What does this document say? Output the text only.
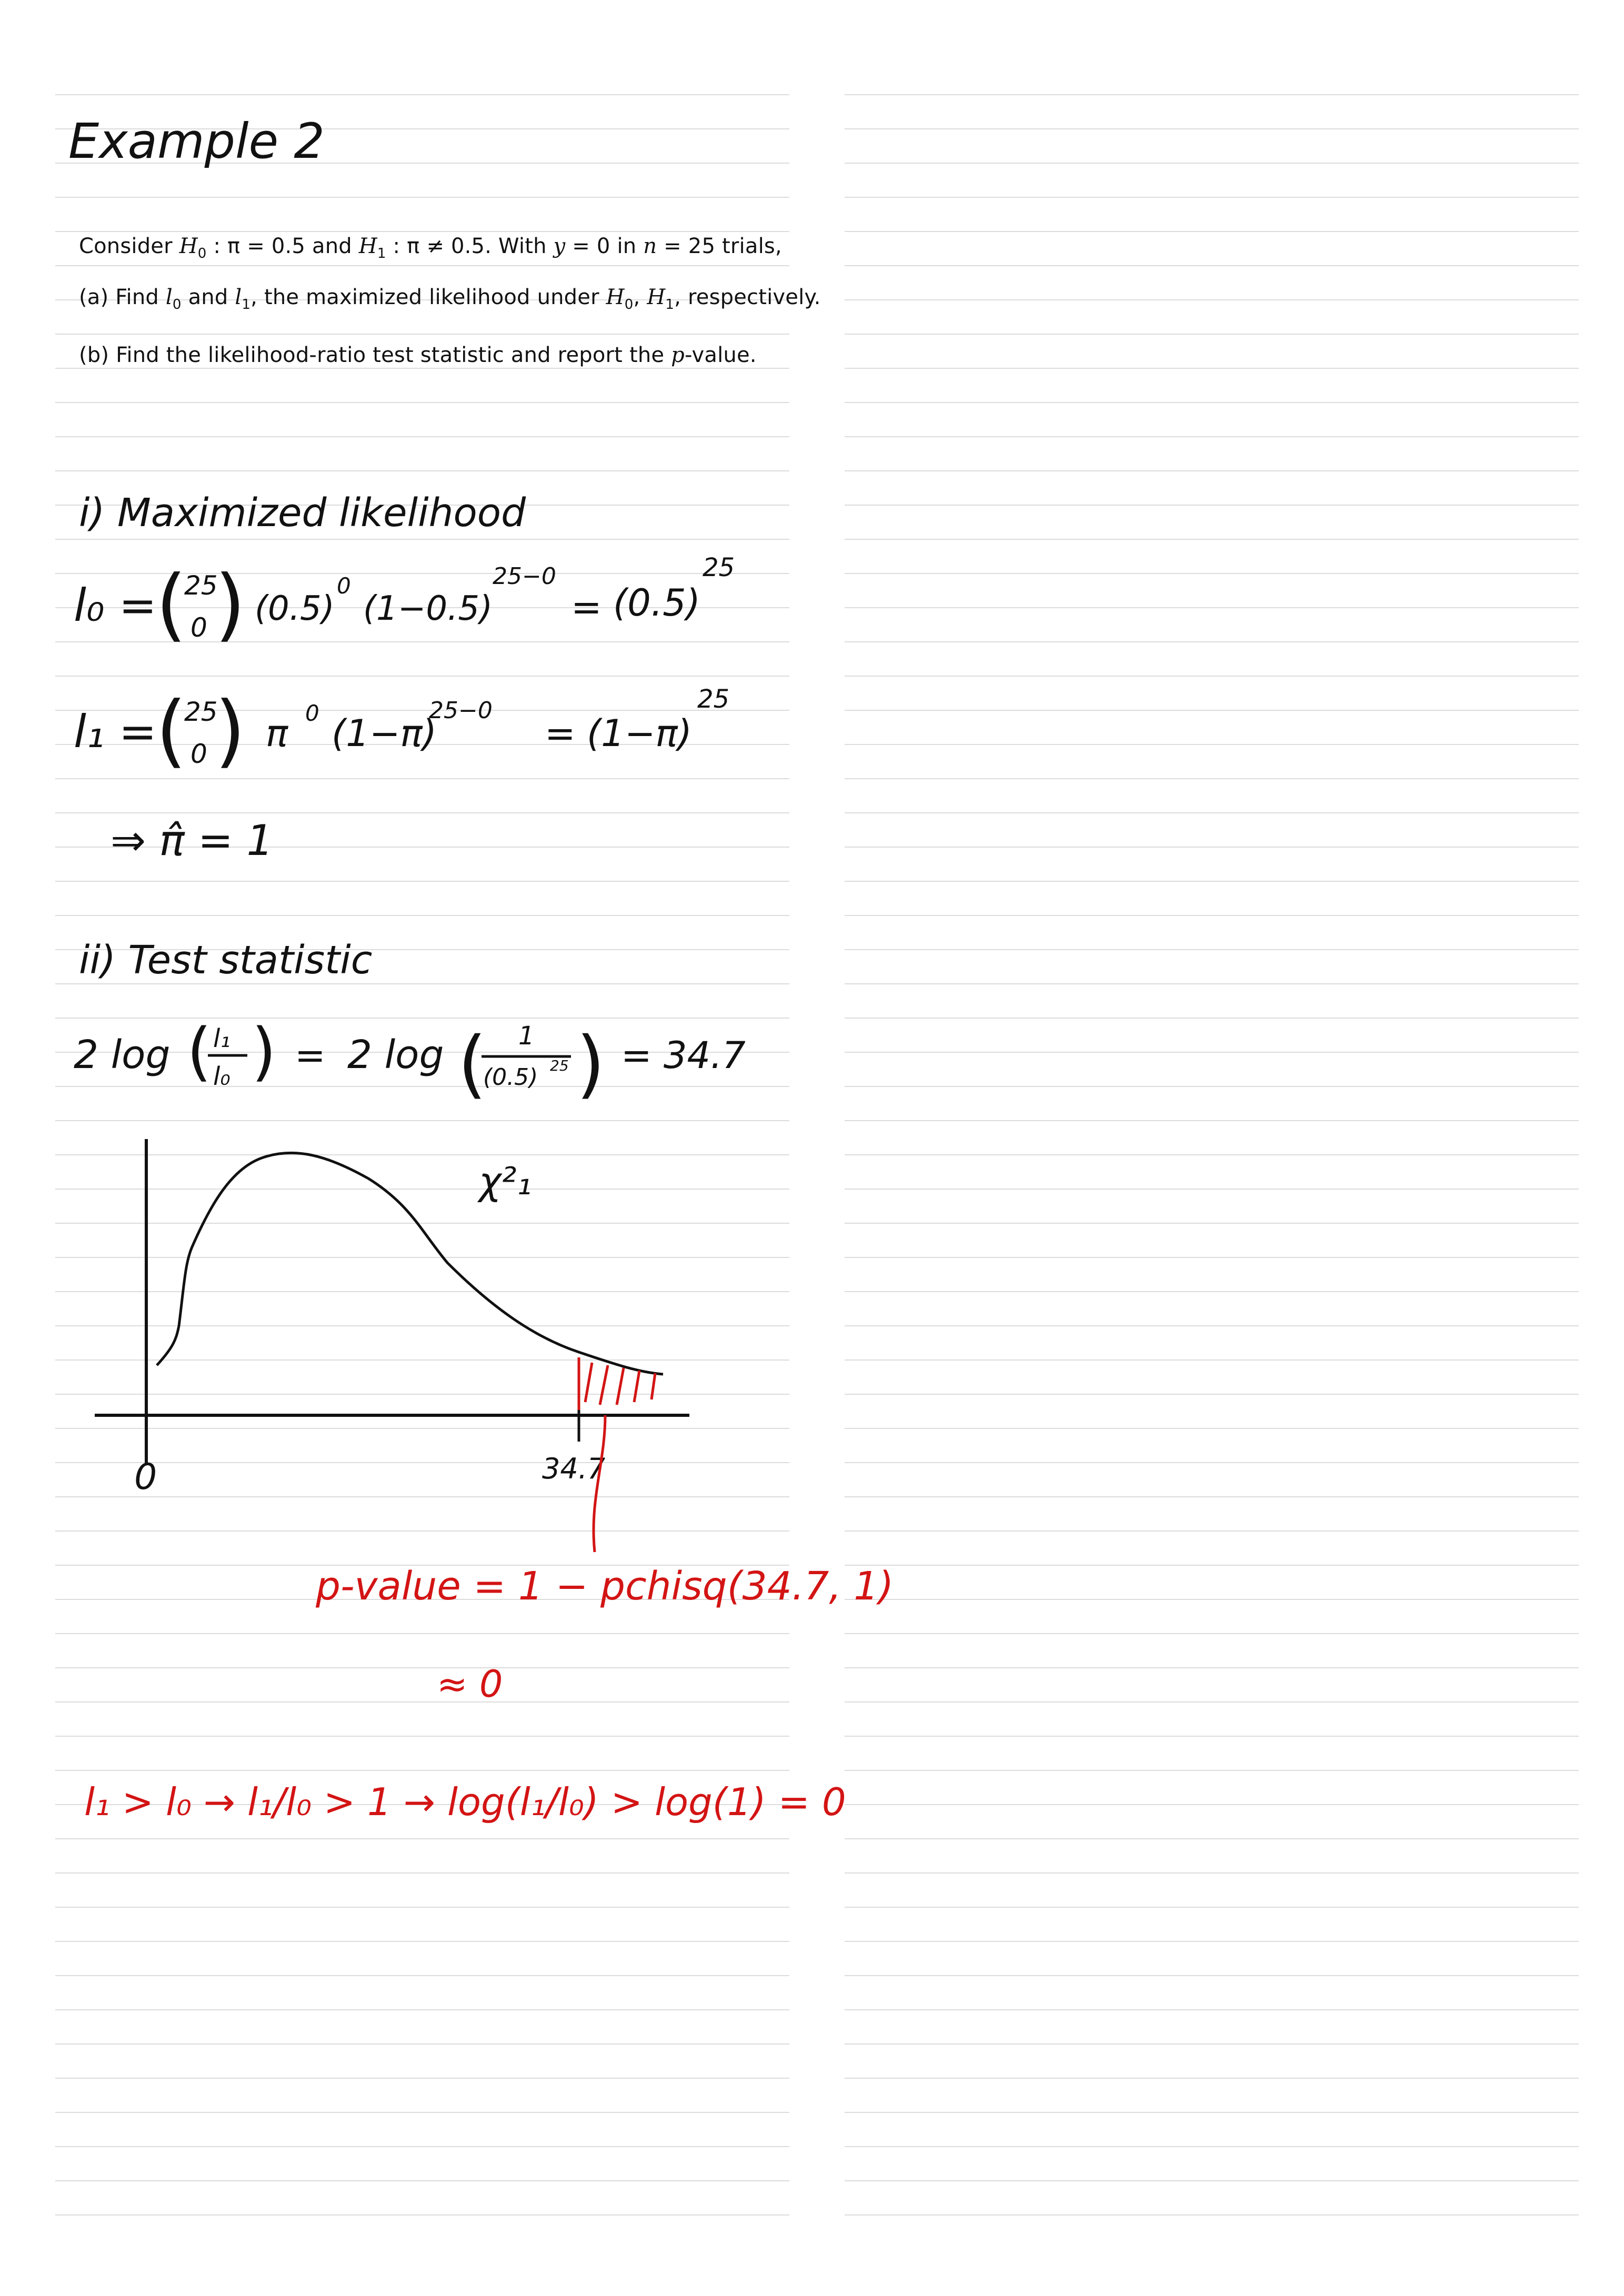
Example 2
Consider $H_0$ : π = 0.5 and $H_1$ : π ≠ 0.5. With y = 0 in n = 25 trials,
(a) Find $l_0$ and $l_1$, the maximized likelihood under $H_0$, $H_1$, respectively.
(b) Find the likelihood-ratio test statistic and report the p-value.
i) Maximized likelihood
l₀ =
(
25
0 ) (0.5)
0
(1−0.5)
25−0
= (0.5)
25
l₁ =
(
25
0 ) π 0 (1−π)
25−0
= (1−π)
25
⇒ π̂ = 1
ii) Test statistic
2 log ( l₁
l₀ ) = 2 log ( 1
(0.5) 25 ) = 34.7
χ²₁
0	34.7
p-value = 1 − pchisq(34.7, 1)
≈ 0
l₁ > l₀ → l₁/l₀ > 1 → log(l₁/l₀) > log(1) = 0
